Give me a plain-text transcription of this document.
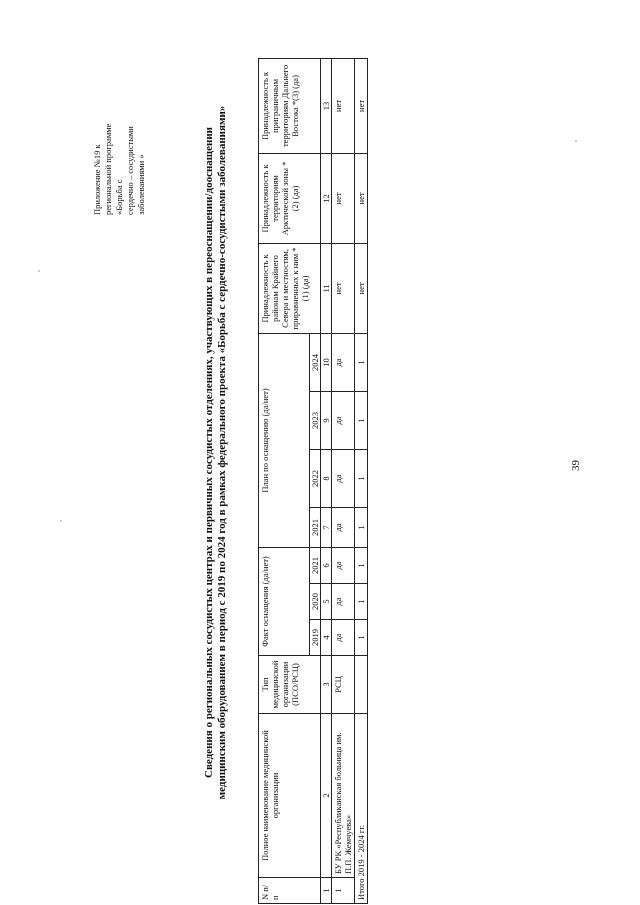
Приложение №19 к региональной программе «Борьба с сердечно – сосудистыми заболеваниями »	Сведения о региональных сосудистых центрах и первичных сосудистых отделениях, участвующих в переоснащении/дооснащении медицинским оборудованием в период с 2019 по 2024 год в рамках федерального проекта «Борьба с сердечно-сосудистыми заболеваниями»
N п/п	Полное наименование медицинской организации	Тип медицинской организации (ПСО/РСЦ)	Факт оснащения (да/нет)			План по оснащению (да/нет)				Принадлежность к районам Крайнего Севера и местностям, приравненных к ним *(1) (да)	Принадлежность к территориям Арктической зоны *(2) (да)	Принадлежность к приграничным территориям Дальнего Востока *(3) (да)
			2019	2020	2021	2021	2022	2023	2024			
1	2	3	4	5	6	7	8	9	10	11	12	13
1	БУ РК «Республиканская больница им. П.П. Жемчуева»	РСЦ	да	да	да	да	да	да	да	нет	нет	нет
Итого 2019 - 2024 гг.			1	1	1	1	1	1	1	нет	нет	нет
39
